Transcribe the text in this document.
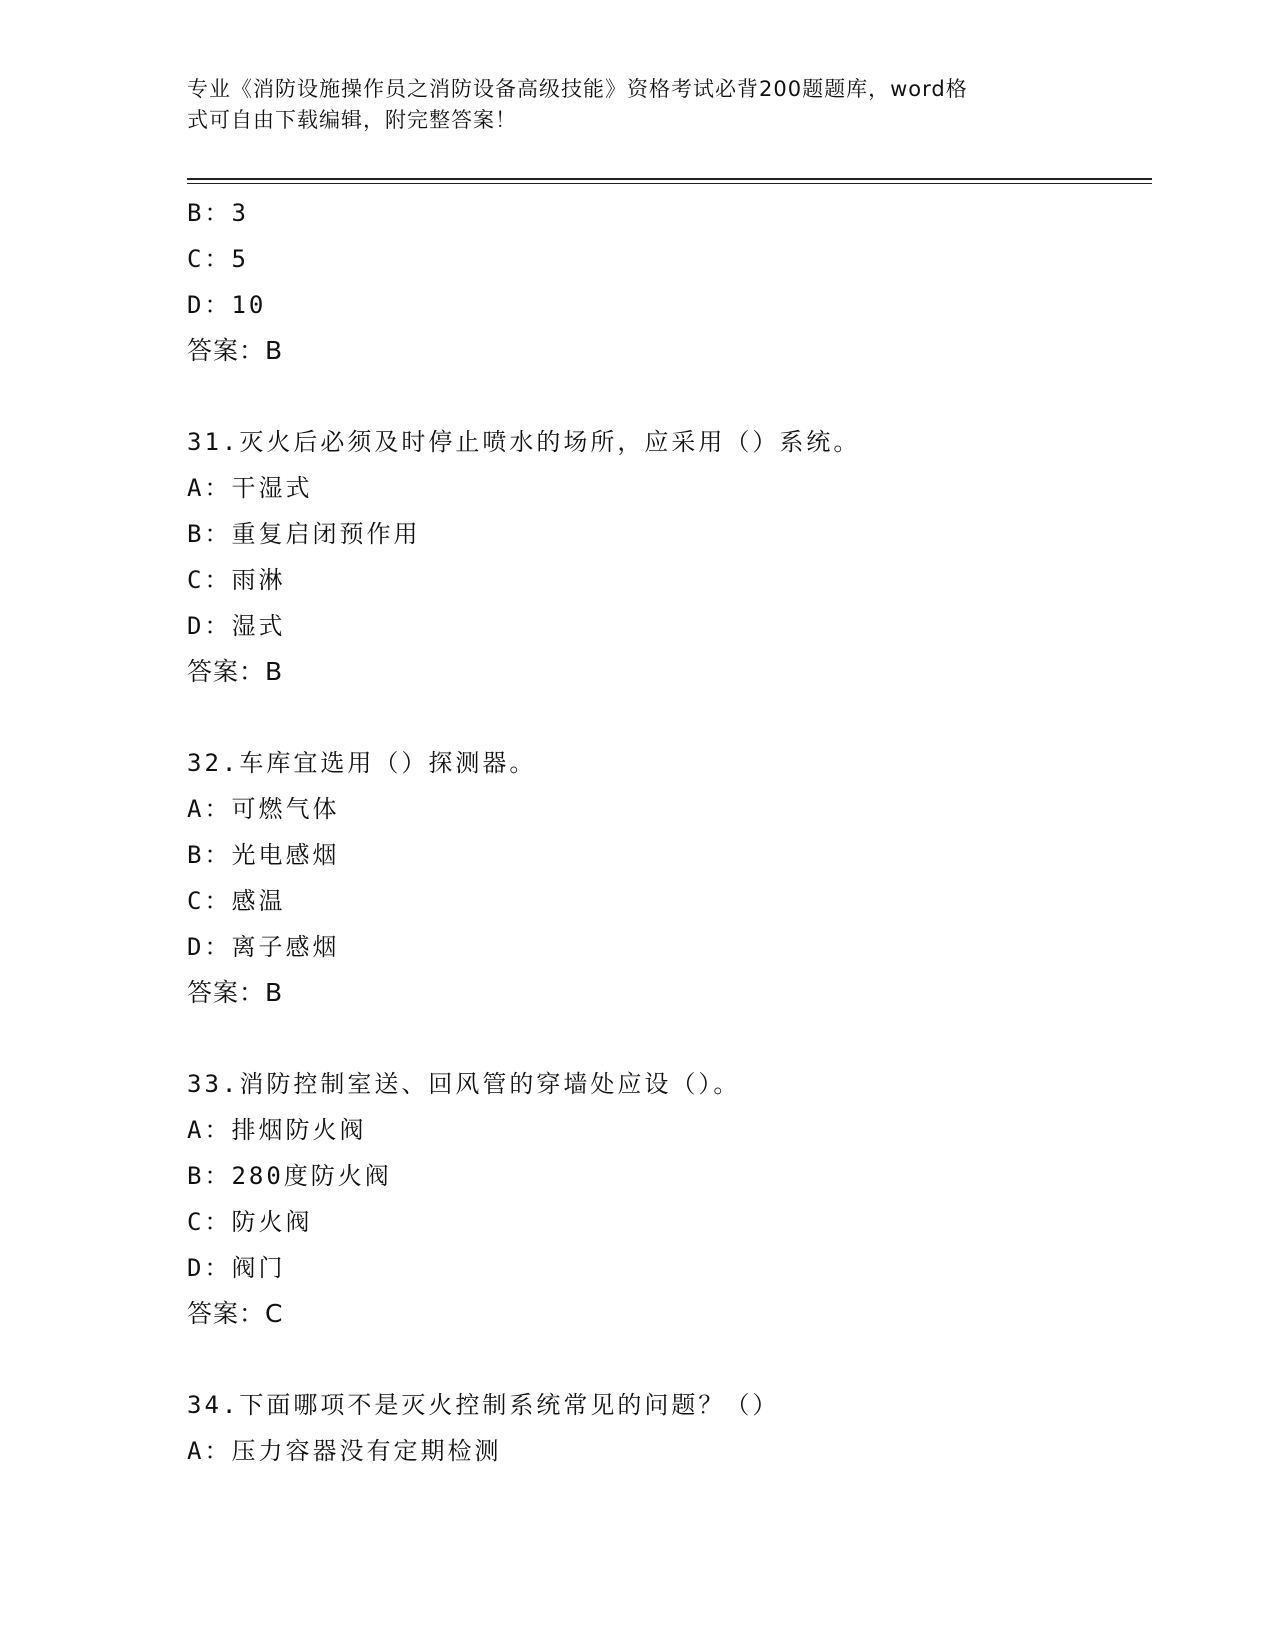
专业《消防设施操作员之消防设备高级技能》资格考试必背200题题库，word格
式可自由下载编辑，附完整答案！
B：3
C：5
D：10
答案：B
31.灭火后必须及时停止喷水的场所，应采用（）系统。
A：干湿式
B：重复启闭预作用
C：雨淋
D：湿式
答案：B
32.车库宜选用（）探测器。
A：可燃气体
B：光电感烟
C：感温
D：离子感烟
答案：B
33.消防控制室送、回风管的穿墙处应设（）。
A：排烟防火阀
B：280度防火阀
C：防火阀
D：阀门
答案：C
34.下面哪项不是灭火控制系统常见的问题？（）
A：压力容器没有定期检测
